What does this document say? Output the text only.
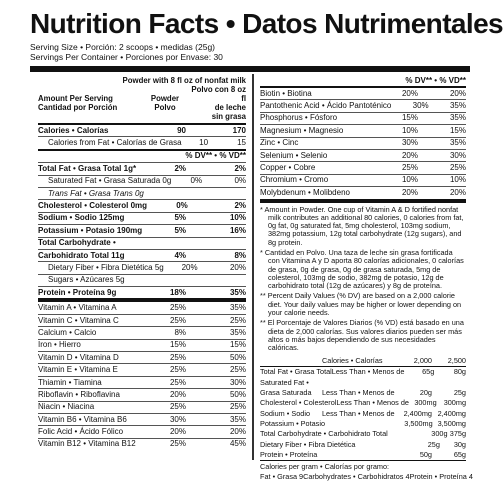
Nutrition Facts • Datos Nutrimentales
Serving Size • Porción: 2 scoops • medidas (25g)
Servings Per Container • Porciones por Envase: 30
Powder with 8 fl oz of nonfat milk
Amount Per Serving
Cantidad por Porción
Powder
Polvo
Polvo con 8 oz fl
de leche
sin grasa
Calories • Calorías	90	170
Calories from Fat • Calorías de Grasa	10	15
% DV** • % VD**
Total Fat • Grasa Total 1g*	2%	2%
Saturated Fat • Grasa Saturada 0g	0%	0%
Trans Fat • Grasa Trans 0g
Cholesterol • Colesterol 0mg	0%	2%
Sodium • Sodio 125mg	5%	10%
Potassium • Potasio 190mg	5%	16%
Total Carbohydrate •
Carbohidrato Total 11g	4%	8%
Dietary Fiber • Fibra Dietética 5g	20%	20%
Sugars • Azúcares 5g
Protein • Proteína 9g	18%	35%
Vitamin A • Vitamina A	25%	35%
Vitamin C • Vitamina C	25%	25%
Calcium • Calcio	8%	35%
Iron • Hierro	15%	15%
Vitamin D • Vitamina D	25%	50%
Vitamin E • Vitamina E	25%	25%
Thiamin • Tiamina	25%	30%
Riboflavin • Riboflavina	20%	50%
Niacin • Niacina	25%	25%
Vitamin B6 • Vitamina B6	30%	35%
Folic Acid • Ácido Fólico	20%	20%
Vitamin B12 • Vitamina B12	25%	45%
% DV** • % VD**
Biotin • Biotina	20%	20%
Pantothenic Acid • Ácido Pantoténico	30%	35%
Phosphorus • Fósforo	15%	35%
Magnesium • Magnesio	10%	15%
Zinc • Cinc	30%	35%
Selenium • Selenio	20%	30%
Copper • Cobre	25%	25%
Chromium • Cromo	10%	10%
Molybdenum • Molibdeno	20%	20%
* Amount in Powder. One cup of Vitamin A & D fortified nonfat milk contributes an additional 80 calories, 0 calories from fat, 0g fat, 0g saturated fat, 5mg cholesterol, 103mg sodium, 382mg potassium, 12g total carbohydrate (12g sugars), and 8g protein.
* Cantidad en Polvo. Una taza de leche sin grasa fortificada con Vitamina A y D aporta 80 calorías adicionales, 0 calorías de grasa, 0g de grasa, 0g de grasa saturada, 5mg de colesterol, 103mg de sodio, 382mg de potasio, 12g de carbohidrato total (12g de azúcares) y 8g de proteína.
** Percent Daily Values (% DV) are based on a 2,000 calorie diet. Your daily values may be higher or lower depending on your calorie needs.
** El Porcentaje de Valores Diarios (% VD) está basado en una dieta de 2,000 calorías. Sus valores diarios pueden ser más altos o más bajos dependiendo de sus necesidades calóricas.
Calories • Calorías	2,000	2,500
Total Fat • Grasa Total Less Than • Menos de	65g	80g
Saturated Fat •
Grasa Saturada	Less Than • Menos de	20g	25g
Cholesterol • Colesterol Less Than • Menos de 300mg 300mg
Sodium • Sodio	Less Than • Menos de	2,400mg 2,400mg
Potassium • Potasio	3,500mg 3,500mg
Total Carbohydrate • Carbohidrato Total	300g 375g
Dietary Fiber • Fibra Dietética	25g	30g
Protein • Proteína	50g	65g
Calories per gram • Calorías por gramo:
Fat • Grasa 9 Carbohydrates • Carbohidratos 4 Protein • Proteína 4
